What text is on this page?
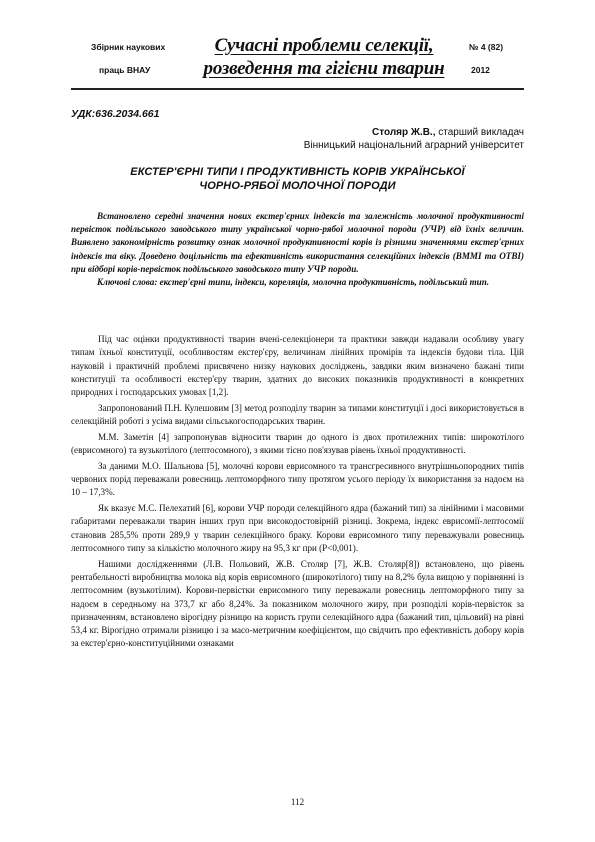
Збірник наукових
праць ВНАУ
Сучасні проблеми селекції,
розведення та гігієни тварин
№ 4 (82)
2012
УДК:636.2034.661
Столяр Ж.В., старший викладач
Вінницький національний аграрний університет
ЕКСТЕР'ЄРНІ ТИПИ І ПРОДУКТИВНІСТЬ КОРІВ УКРАЇНСЬКОЇ
ЧОРНО-РЯБОЇ МОЛОЧНОЇ ПОРОДИ

Встановлено середні значення нових екстер'єрних індексів та залежність молочної продуктивності первісток подільського заводського типу української чорно-рябої молочної породи (УЧР) від їхніх величин. Виявлено закономірність розвитку ознак молочної продуктивності корів із різними значеннями екстер'єрних індексів та віку. Доведено доцільність та ефективність використання селекційних індексів (ВММІ та ОТВІ) при відборі корів-первісток подільського заводського типу УЧР породи.

Ключові слова: екстер'єрні типи, індекси, кореляція, молочна продуктивність, подільський тип.

Під час оцінки продуктивності тварин вчені-селекціонери та практики завжди надавали особливу увагу типам їхньої конституції, особливостям екстер'єру, величинам лінійних промірів та індексів будови тіла. Цій науковій і практичній проблемі присвячено низку наукових досліджень, завдяки яким визначено бажані типи конституції та особливості екстер'єру тварин, здатних до високих показників продуктивності в конкретних природних і господарських умовах [1,2].

Запропонований П.Н. Кулешовим [3] метод розподілу тварин за типами конституції і досі використовується в селекційній роботі з усіма видами сільськогосподарських тварин.

М.М. Заметін [4] запропонував відносити тварин до одного із двох протилежних типів: широкотілого (еврисомного) та вузькотілого (лептосомного), з якими тісно пов'язував рівень їхньої продуктивності.

За даними М.О. Шальнова [5], молочні корови еврисомного та трансгресивного внутрішньопородних типів червоних порід переважали ровесниць лептоморфного типу протягом усього періоду їх використання за надоєм на 10 – 17,3%.

Як вказує М.С. Пелехатий [6], корови УЧР породи селекційного ядра (бажаний тип) за лінійними і масовими габаритами переважали тварин інших груп при високодостовірній різниці. Зокрема, індекс еврисомії-лептосомії становив 285,5% проти 289,9 у тварин селекційного браку. Корови еврисомного типу переважували ровесниць лептосомного типу за кількістю молочного жиру на 95,3 кг при (Р<0,001).

Нашими дослідженнями (Л.В. Польовий, Ж.В. Столяр [7], Ж.В. Столяр[8]) встановлено, що рівень рентабельності виробництва молока від корів еврисомного (широкотілого) типу на 8,2% була вищою у порівнянні із лептосомним (вузькотілим). Корови-первістки еврисомного типу переважали ровесниць лептоморфного типу за надоєм в середньому на 373,7 кг або 8,24%. За показником молочного жиру, при розподілі корів-первісток за призначенням, встановлено вірогідну різницю на користь групи селекційного ядра (бажаний тип, цільовий) на рівні 53,4 кг. Вірогідно отримали різницю і за масо-метричним коефіцієнтом, що свідчить про ефективність добору корів за екстер'єрно-конституційними ознаками

112
